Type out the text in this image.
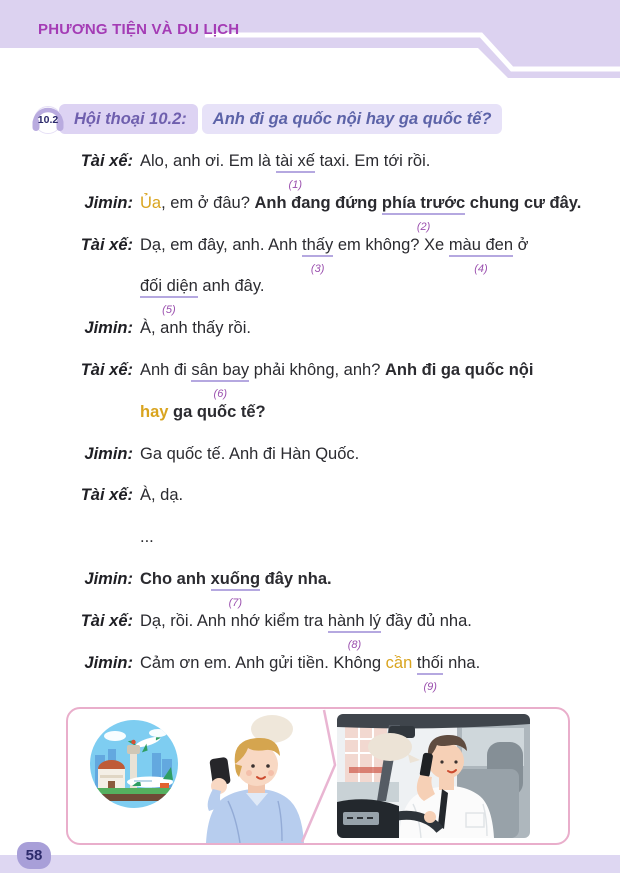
PHƯƠNG TIỆN VÀ DU LỊCH
10.2 Hội thoại 10.2:	Anh đi ga quốc nội hay ga quốc tế?
Tài xế: Alo, anh ơi. Em là tài xế
(1)
taxi. Em tới rồi.
Jimin: Ủa, em ở đâu? Anh đang đứng phía trước
(2)
chung cư đây.
Tài xế: Dạ, em đây, anh. Anh thấy
(3)
em không? Xe màu đen
(4)
ở
đối diện
(5)
anh đây.
Jimin: À, anh thấy rồi.
Tài xế: Anh đi sân bay
(6)
phải không, anh? Anh đi ga quốc nội
hay ga quốc tế?
Jimin: Ga quốc tế. Anh đi Hàn Quốc.
Tài xế: À, dạ.
...
Jimin: Cho anh xuống
(7)
đây nha.
Tài xế: Dạ, rồi. Anh nhớ kiểm tra hành lý
(8)
đầy đủ nha.
Jimin: Cảm ơn em. Anh gửi tiền. Không cần thối
(9)
nha.
58
